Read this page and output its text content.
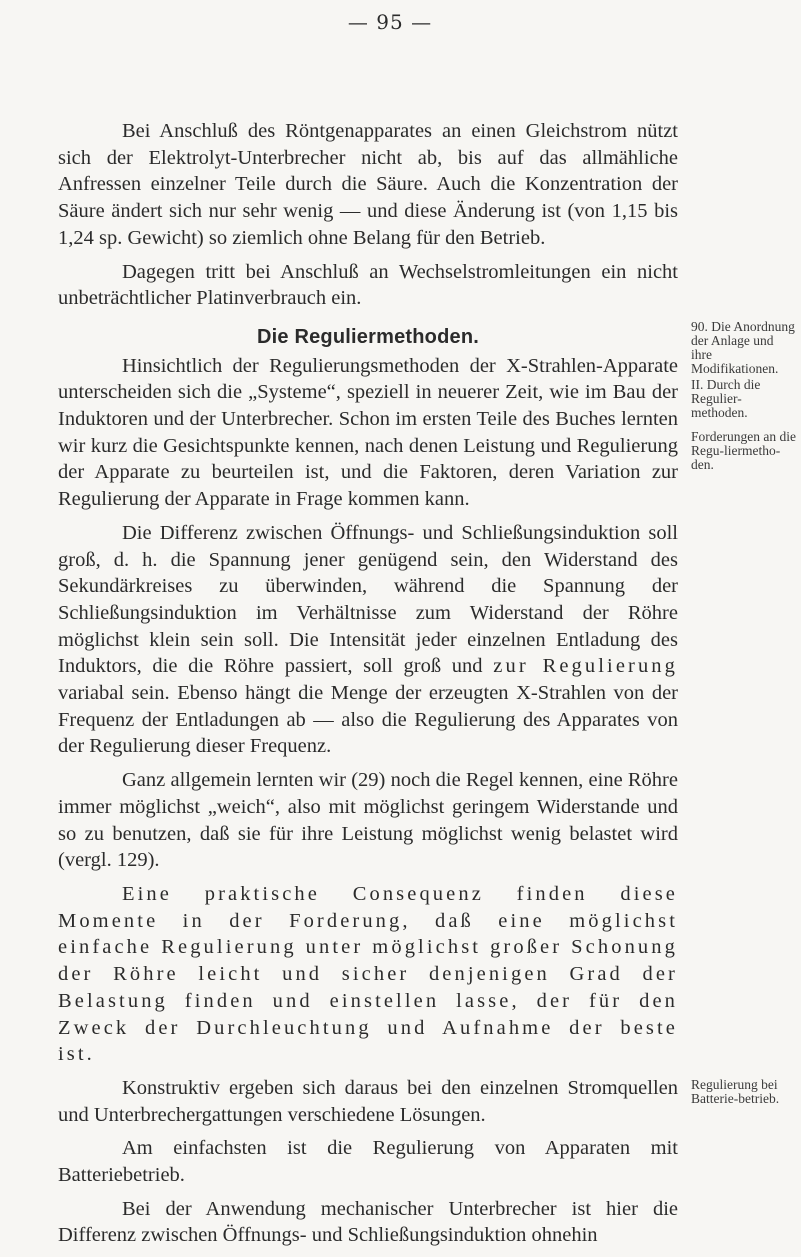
— 95 —

Bei Anschluß des Röntgenapparates an einen Gleichstrom nützt sich der Elektrolyt-Unterbrecher nicht ab, bis auf das allmähliche Anfressen einzelner Teile durch die Säure. Auch die Konzentration der Säure ändert sich nur sehr wenig — und diese Änderung ist (von 1,15 bis 1,24 sp. Gewicht) so ziemlich ohne Belang für den Betrieb.

Dagegen tritt bei Anschluß an Wechselstromleitungen ein nicht unbeträchtlicher Platinverbrauch ein.

Die Reguliermethoden.

Hinsichtlich der Regulierungsmethoden der X-Strahlen-Apparate unterscheiden sich die „Systeme“, speziell in neuerer Zeit, wie im Bau der Induktoren und der Unterbrecher. Schon im ersten Teile des Buches lernten wir kurz die Gesichtspunkte kennen, nach denen Leistung und Regulierung der Apparate zu beurteilen ist, und die Faktoren, deren Variation zur Regulierung der Apparate in Frage kommen kann.

Die Differenz zwischen Öffnungs- und Schließungsinduktion soll groß, d. h. die Spannung jener genügend sein, den Widerstand des Sekundärkreises zu überwinden, während die Spannung der Schließungsinduktion im Verhältnisse zum Widerstand der Röhre möglichst klein sein soll. Die Intensität jeder einzelnen Entladung des Induktors, die die Röhre passiert, soll groß und zur Regulierung variabal sein. Ebenso hängt die Menge der erzeugten X-Strahlen von der Frequenz der Entladungen ab — also die Regulierung des Apparates von der Regulierung dieser Frequenz.

Ganz allgemein lernten wir (29) noch die Regel kennen, eine Röhre immer möglichst „weich“, also mit möglichst geringem Widerstande und so zu benutzen, daß sie für ihre Leistung möglichst wenig belastet wird (vergl. 129).

Eine praktische Consequenz finden diese Momente in der Forderung, daß eine möglichst einfache Regulierung unter möglichst großer Schonung der Röhre leicht und sicher denjenigen Grad der Belastung finden und einstellen lasse, der für den Zweck der Durchleuchtung und Aufnahme der beste ist.

Konstruktiv ergeben sich daraus bei den einzelnen Stromquellen und Unterbrechergattungen verschiedene Lösungen.

Am einfachsten ist die Regulierung von Apparaten mit Batteriebetrieb.

Bei der Anwendung mechanischer Unterbrecher ist hier die Differenz zwischen Öffnungs- und Schließungsinduktion ohnehin

90. Die Anordnung der Anlage und ihre Modifikationen.
II. Durch die Regulier-methoden.
Forderungen an die Regu-liermetho-den.
Regulierung bei Batterie-betrieb.
